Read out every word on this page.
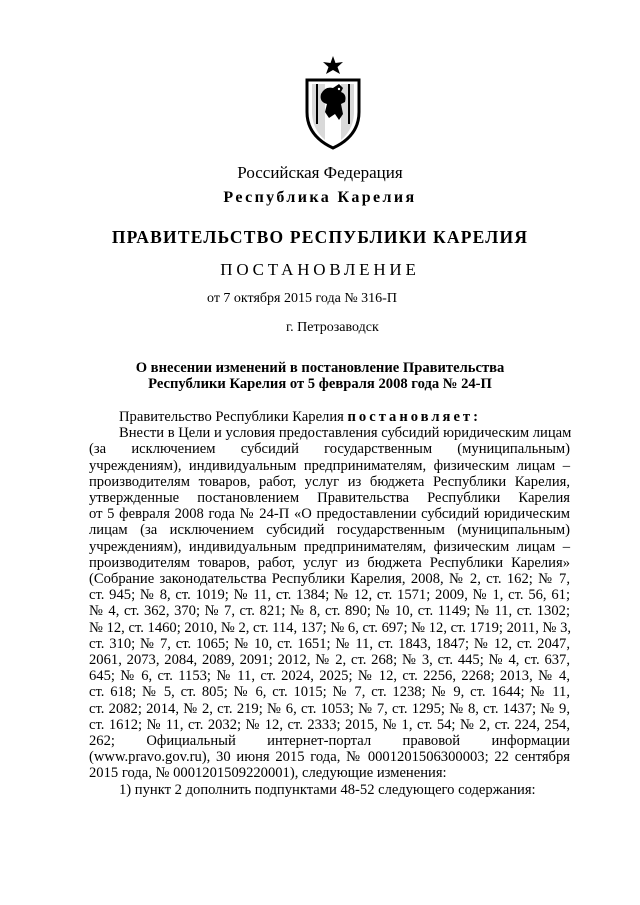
Российская Федерация
Республика Карелия
ПРАВИТЕЛЬСТВО РЕСПУБЛИКИ КАРЕЛИЯ
ПОСТАНОВЛЕНИЕ
от 7 октября 2015 года № 316-П
г. Петрозаводск
О внесении изменений в постановление Правительства
Республики Карелия от 5 февраля 2008 года № 24-П

Правительство Республики Карелия постановляет:

Внести в Цели и условия предоставления субсидий юридическим лицам
(за исключением субсидий государственным (муниципальным)
учреждениям), индивидуальным предпринимателям, физическим лицам –
производителям товаров, работ, услуг из бюджета Республики Карелия,
утвержденные постановлением Правительства Республики Карелия
от 5 февраля 2008 года № 24-П «О предоставлении субсидий юридическим
лицам (за исключением субсидий государственным (муниципальным)
учреждениям), индивидуальным предпринимателям, физическим лицам –
производителям товаров, работ, услуг из бюджета Республики Карелия»
(Собрание законодательства Республики Карелия, 2008, № 2, ст. 162; № 7,
ст. 945; № 8, ст. 1019; № 11, ст. 1384; № 12, ст. 1571; 2009, № 1, ст. 56, 61;
№ 4, ст. 362, 370; № 7, ст. 821; № 8, ст. 890; № 10, ст. 1149; № 11, ст. 1302;
№ 12, ст. 1460; 2010, № 2, ст. 114, 137; № 6, ст. 697; № 12, ст. 1719; 2011, № 3,
ст. 310; № 7, ст. 1065; № 10, ст. 1651; № 11, ст. 1843, 1847; № 12, ст. 2047,
2061, 2073, 2084, 2089, 2091; 2012, № 2, ст. 268; № 3, ст. 445; № 4, ст. 637,
645; № 6, ст. 1153; № 11, ст. 2024, 2025; № 12, ст. 2256, 2268; 2013, № 4,
ст. 618; № 5, ст. 805; № 6, ст. 1015; № 7, ст. 1238; № 9, ст. 1644; № 11,
ст. 2082; 2014, № 2, ст. 219; № 6, ст. 1053; № 7, ст. 1295; № 8, ст. 1437; № 9,
ст. 1612; № 11, ст. 2032; № 12, ст. 2333; 2015, № 1, ст. 54; № 2, ст. 224, 254,
262; Официальный интернет-портал правовой информации
(www.pravo.gov.ru), 30 июня 2015 года, № 0001201506300003; 22 сентября
2015 года, № 0001201509220001), следующие изменения:

1) пункт 2 дополнить подпунктами 48-52 следующего содержания:
